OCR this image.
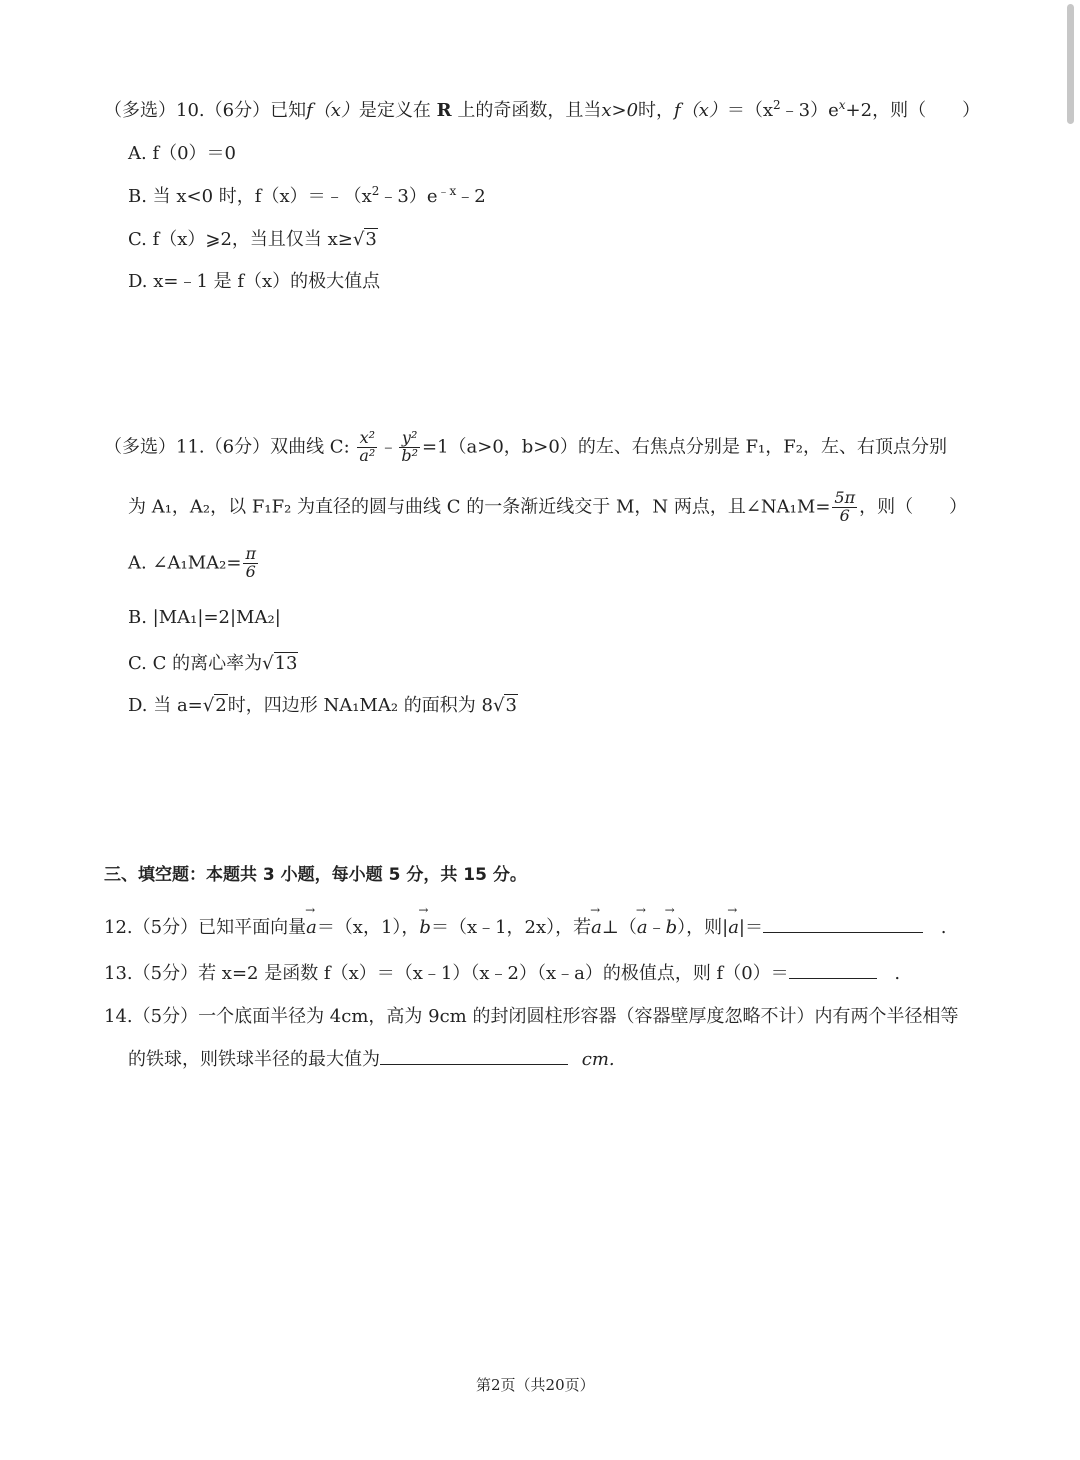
（多选）10.（6分）已知f（x）是定义在 R 上的奇函数，且当x>0时，$f(x)=(x^2﹣3)e^x+2$，则（　　）
A. f（0）＝0
B. 当 x<0 时，$f(x)=﹣(x^2﹣3)e^{﹣x}﹣2$
C. f（x）⩾2，当且仅当 x≥√3
D. x=﹣1 是 f（x）的极大值点
（多选）11.（6分）双曲线 C: $\frac{\text{x²}}{\text{a²}}$ ﹣ $\frac{\text{y²}}{\text{b²}} =1(a>0$，b>0）的左、右焦点分别是 F₁，F₂，左、右顶点分别
为 A₁，A₂，以 F₁F₂ 为直径的圆与曲线 C 的一条渐近线交于 M，N 两点，且∠NA₁M= $\frac{5\pi}{6}$ ，则（　　）
A. ∠A₁MA₂= $\frac{\pi}{6}$
B. |MA₁|=2|MA₂|
C. C 的离心率为√13
D. 当 a=√2时，四边形 NA₁MA₂ 的面积为 8√3
三、填空题：本题共 3 小题，每小题 5 分，共 15 分。
12.（5分）已知平面向量→ a＝（x，1），→ b＝（x﹣1，2x），若→ a⊥（→ a﹣→ b），则|→ a|＝	.
13.（5分）若 x=2 是函数 f（x）＝（x﹣1）（x﹣2）（x﹣a）的极值点，则 f（0）＝	.
14.（5分）一个底面半径为 4cm，高为 9cm 的封闭圆柱形容器（容器壁厚度忽略不计）内有两个半径相等
的铁球，则铁球半径的最大值为	cm.
第2页（共20页）
